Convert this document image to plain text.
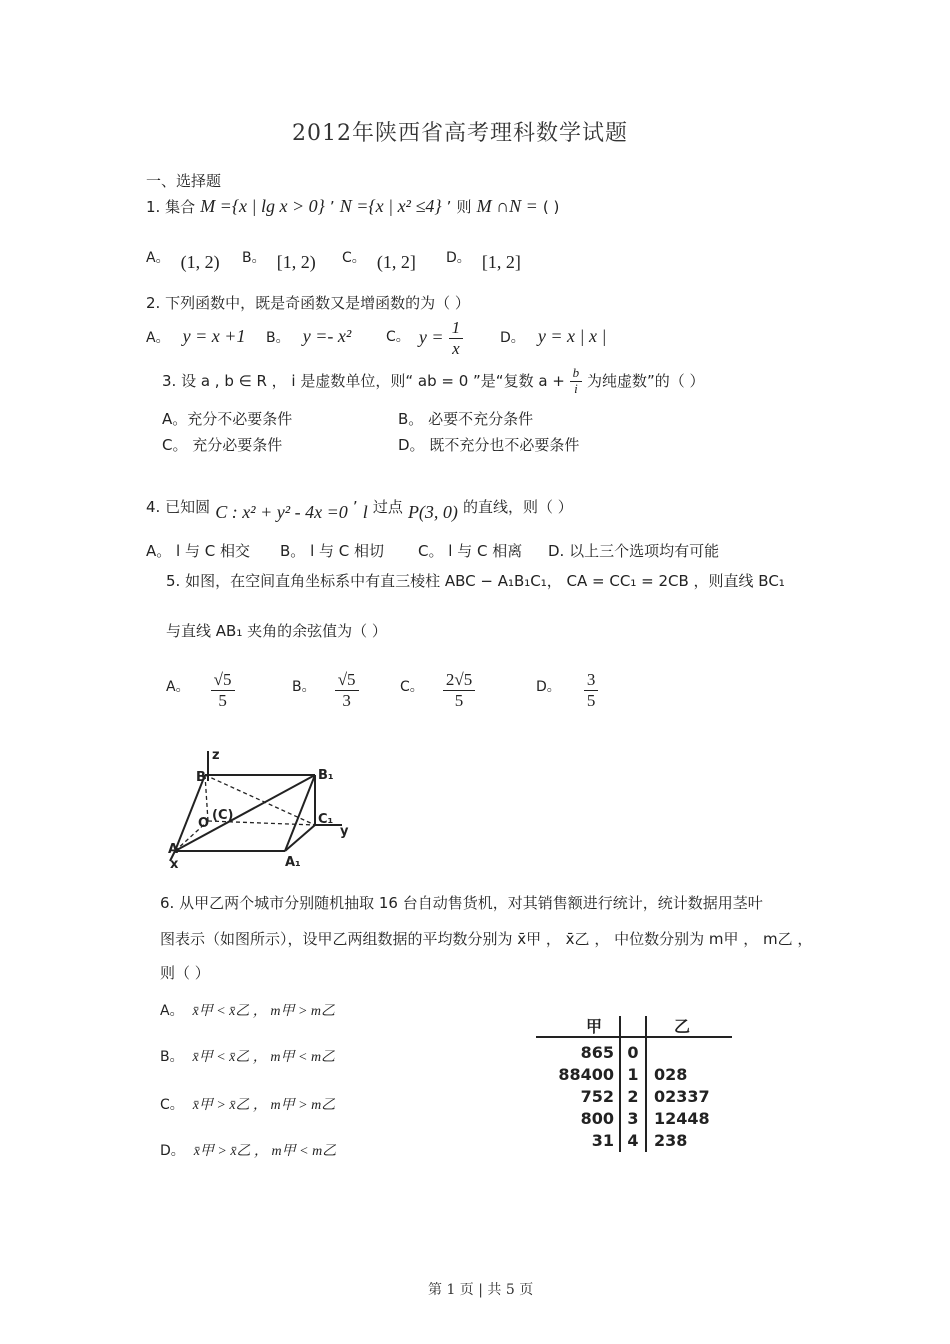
2012年陕西省高考理科数学试题
一、选择题
1. 集合 M ={x | lg x > 0} ’ N ={x | x² ≤4} ’ 则 M ∩N = ( )
A。 (1, 2) B。 [1, 2) C。 (1, 2] D。 [1, 2]
2. 下列函数中，既是奇函数又是增函数的为（ ）
A。 y = x +1 B。 y =- x² C。 $y = \frac{1}{x}$	D。 y = x | x |
3. 设 a , b ∈ R ， i 是虚数单位，则“ ab = 0 ”是“复数 $a + \frac{b}{i}$ 为纯虚数”的（ ）
A。充分不必要条件	B。 必要不充分条件
C。 充分必要条件	D。 既不充分也不必要条件
4. 已知圆 C : x² + y² - 4x =0 ’ l 过点 P(3, 0) 的直线，则（ ）
A。 l 与 C 相交 B。 l 与 C 相切 C。 l 与 C 相离 D. 以上三个选项均有可能
5. 如图，在空间直角坐标系中有直三棱柱 ABC − A₁B₁C₁， CA = CC₁ = 2CB ，则直线 BC₁
与直线 AB₁ 夹角的余弦值为（ ）
A。 $\frac{√5}{5}$	B。 $\frac{√5}{3}$	C。 $\frac{2√5}{5}$	D。 $\frac{3}{5}$
z
B	B₁
O
(C)	C₁
y
A
x	A₁
6. 从甲乙两个城市分别随机抽取 16 台自动售货机，对其销售额进行统计，统计数据用茎叶
图表示（如图所示），设甲乙两组数据的平均数分别为 x̄甲 ， x̄乙 ， 中位数分别为 m甲 ， m乙 ，
则（ ）
A。 x̄甲 < x̄乙 ， m甲 > m乙
B。 x̄甲 < x̄乙 ， m甲 < m乙
C。 x̄甲 > x̄乙 ， m甲 > m乙
D。 x̄甲 > x̄乙 ， m甲 < m乙
甲	乙
865 0
88400 1 028
752 2 02337
800 3 12448
31 4 238
第 1 页 | 共 5 页
